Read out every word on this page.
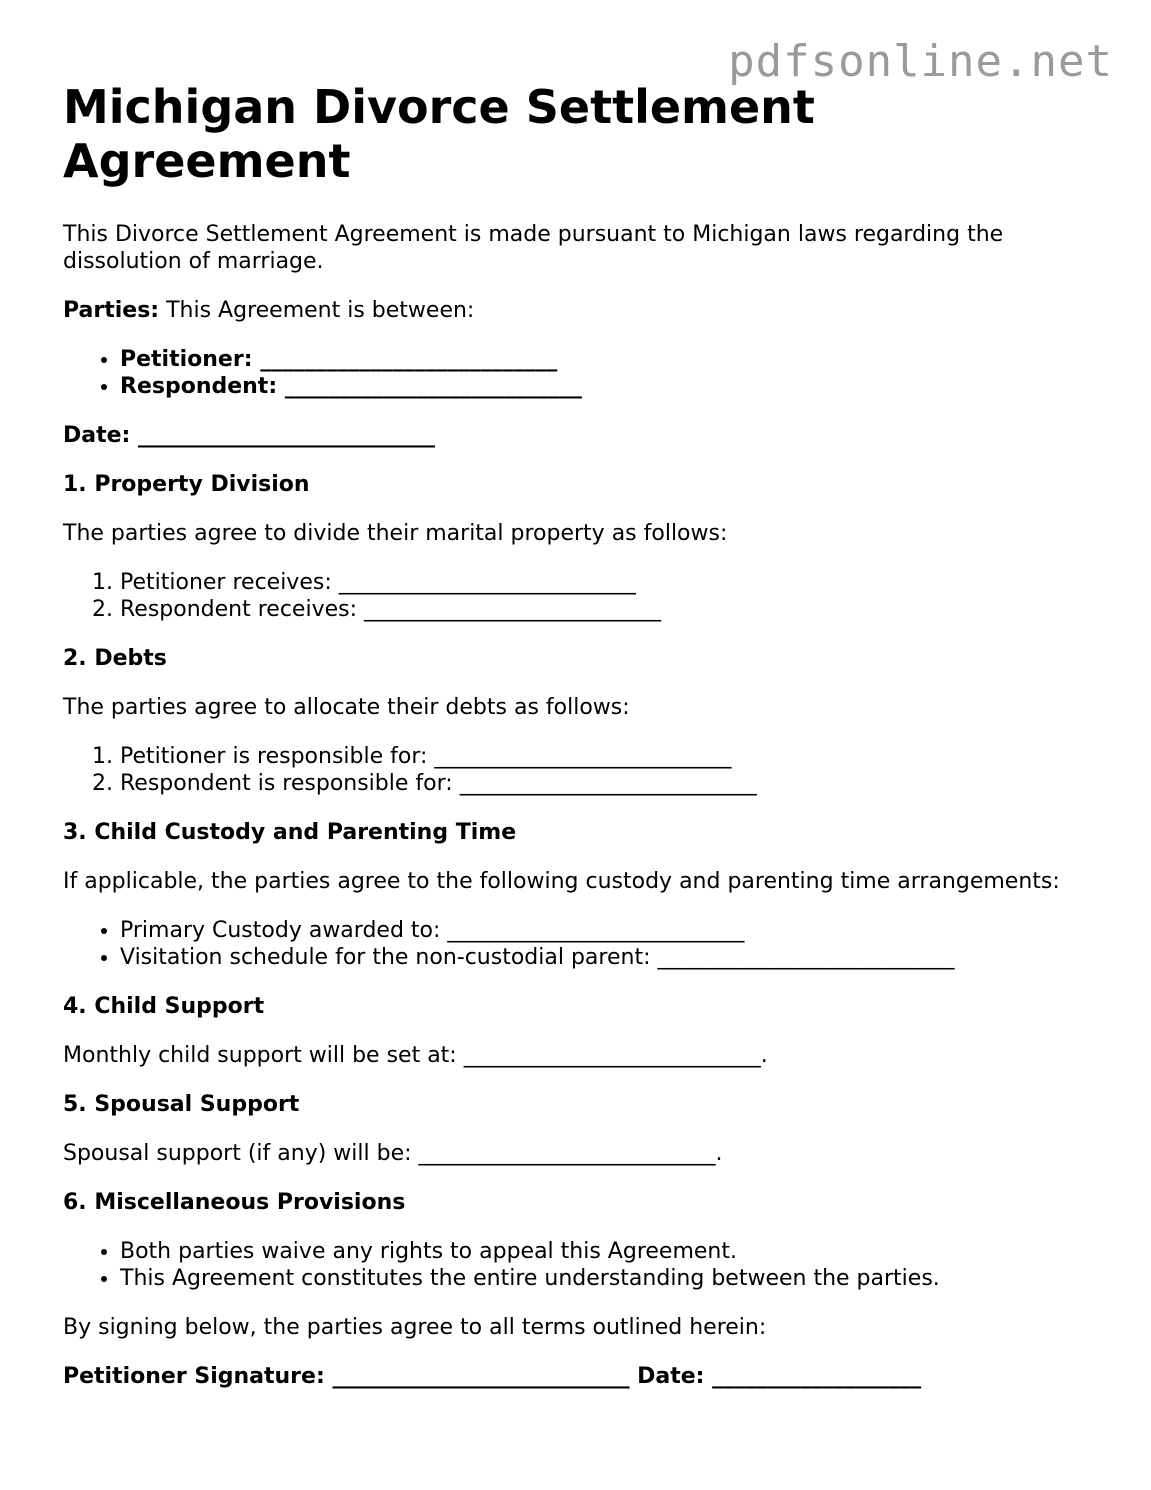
pdfsonline.net
Michigan Divorce Settlement Agreement

This Divorce Settlement Agreement is made pursuant to Michigan laws regarding the dissolution of marriage.

Parties: This Agreement is between:

• Petitioner: ___________________________
• Respondent: ___________________________

Date: ___________________________

1. Property Division

The parties agree to divide their marital property as follows:

1. Petitioner receives: ___________________________
2. Respondent receives: ___________________________
2. Debts

The parties agree to allocate their debts as follows:

1. Petitioner is responsible for: ___________________________
2. Respondent is responsible for: ___________________________
3. Child Custody and Parenting Time

If applicable, the parties agree to the following custody and parenting time arrangements:

• Primary Custody awarded to: ___________________________
• Visitation schedule for the non-custodial parent: ___________________________
4. Child Support

Monthly child support will be set at: ___________________________.

5. Spousal Support

Spousal support (if any) will be: ___________________________.

6. Miscellaneous Provisions
• Both parties waive any rights to appeal this Agreement.
• This Agreement constitutes the entire understanding between the parties.

By signing below, the parties agree to all terms outlined herein:

Petitioner Signature: ___________________________ Date: ___________________
